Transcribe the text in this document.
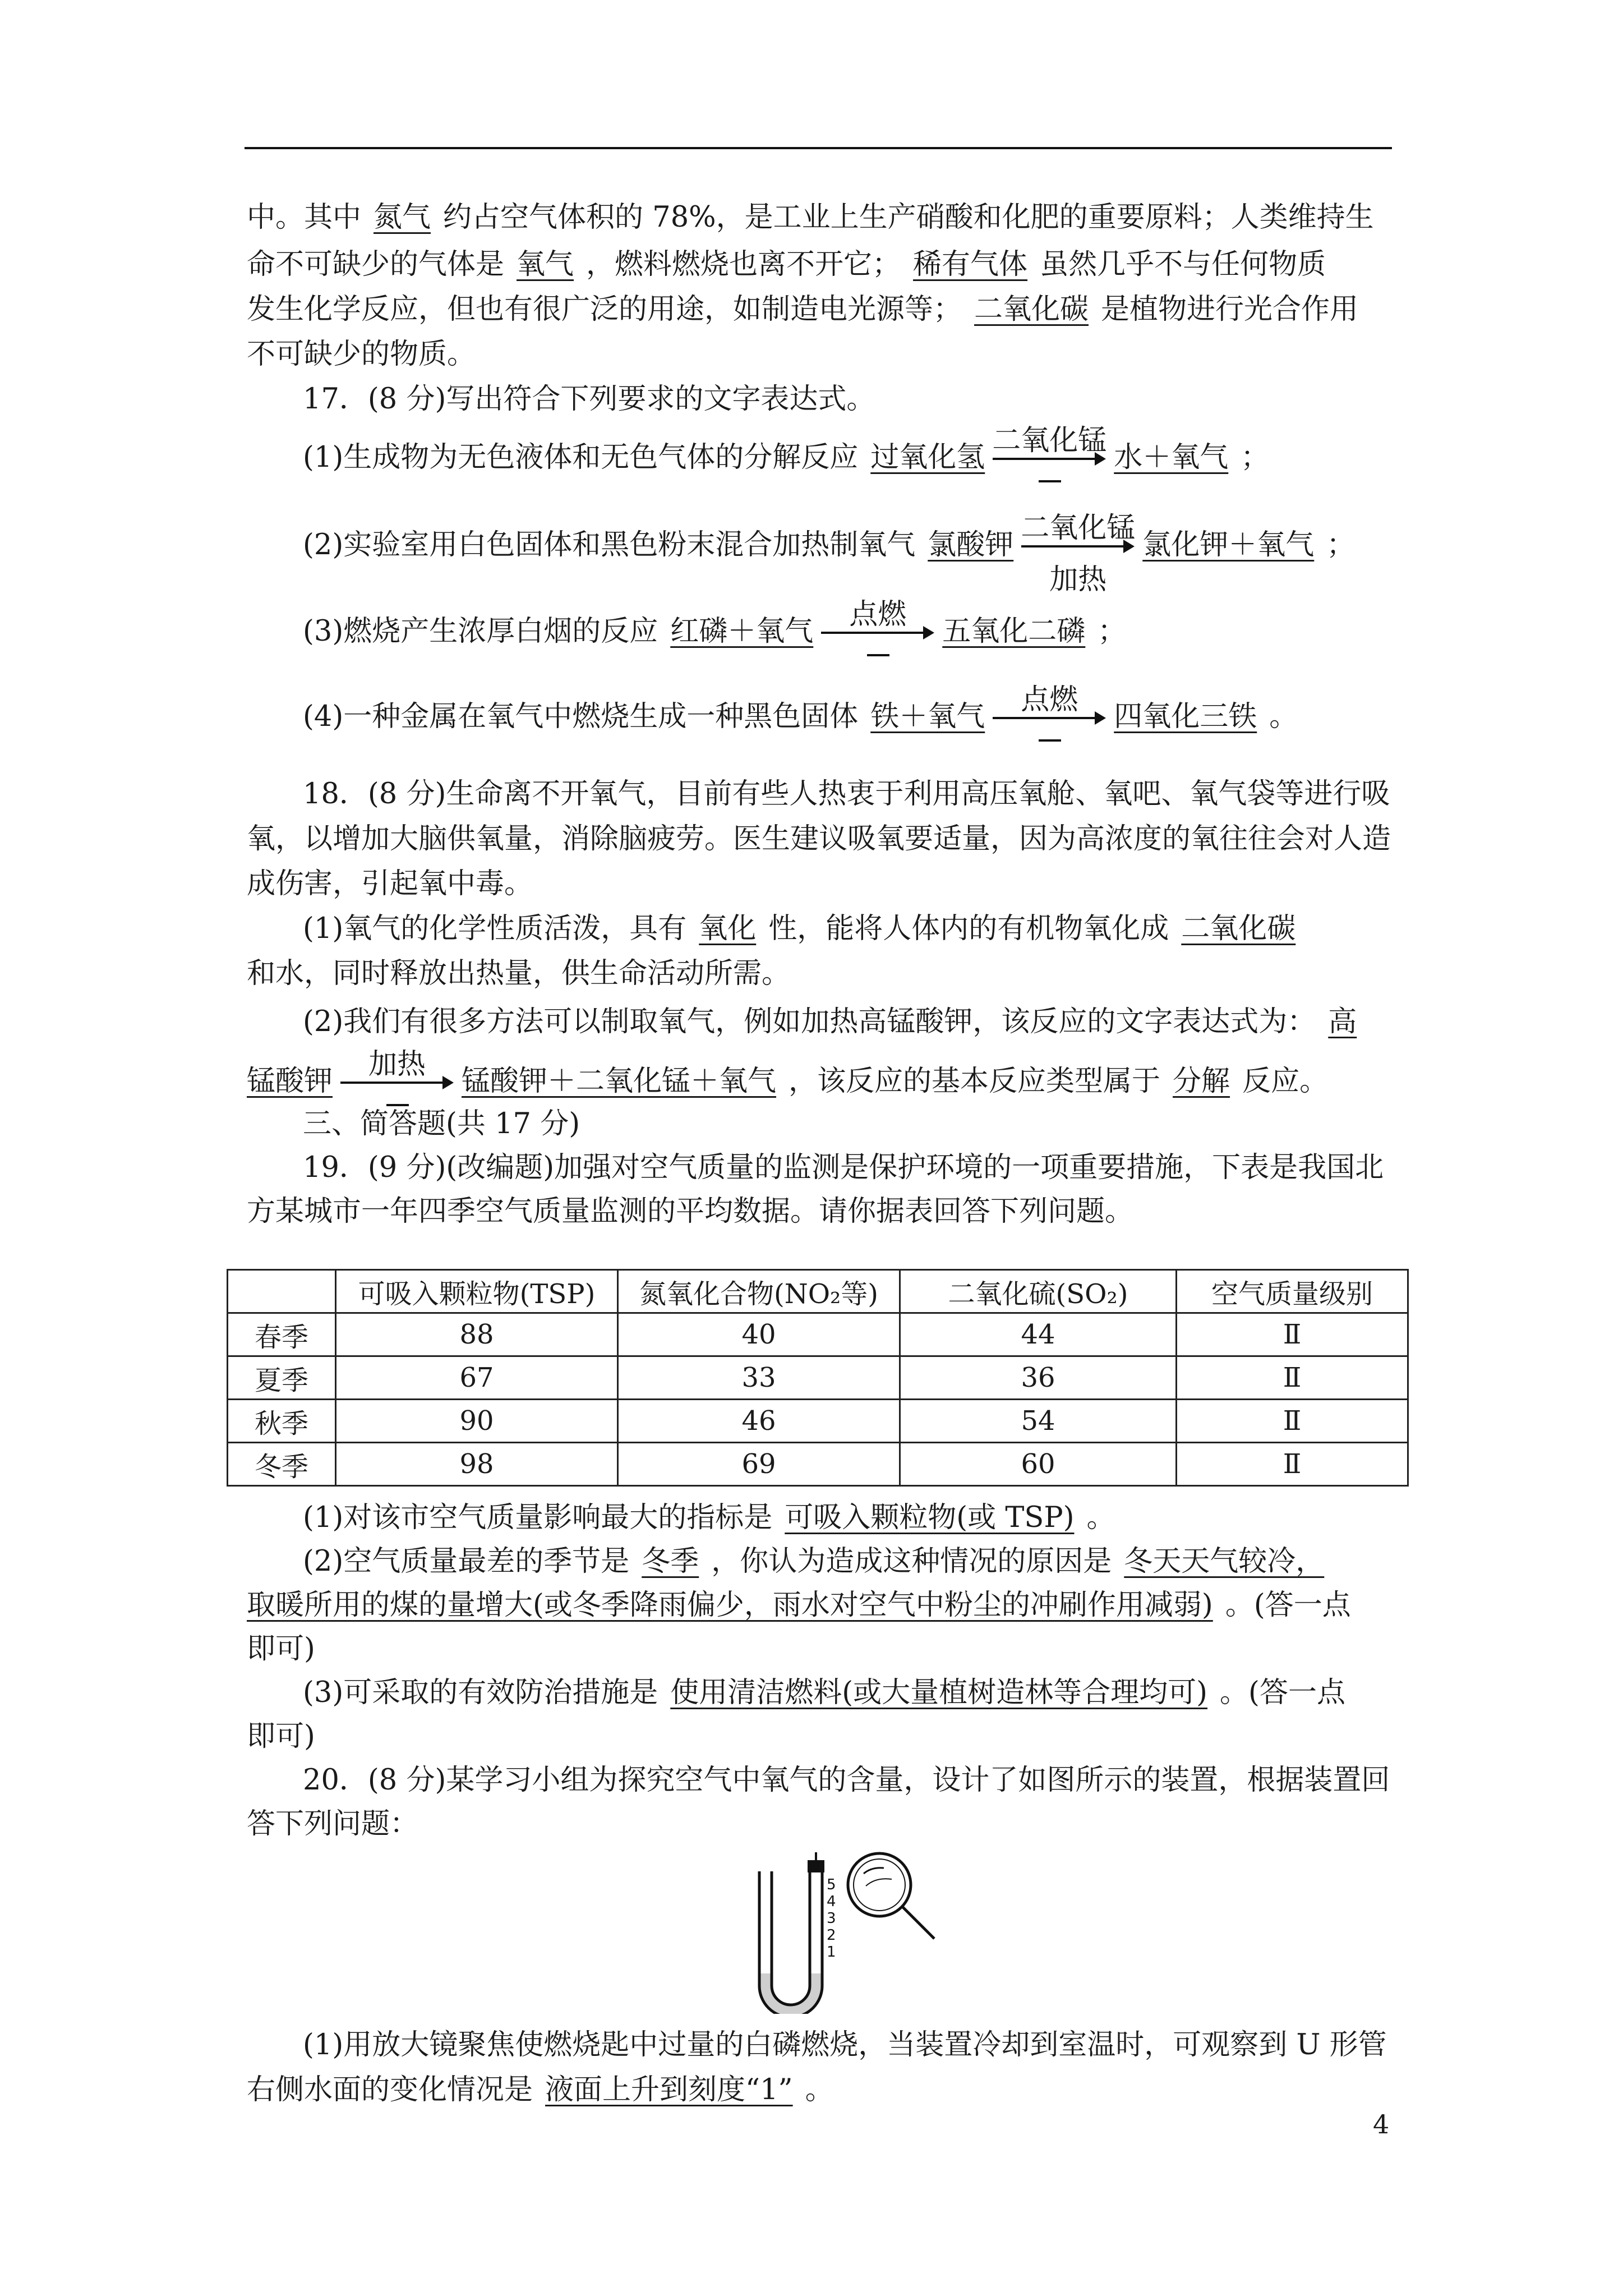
中。其中 氮气 约占空气体积的 78%，是工业上生产硝酸和化肥的重要原料；人类维持生
命不可缺少的气体是 氧气 ，燃料燃烧也离不开它； 稀有气体 虽然几乎不与任何物质
发生化学反应，但也有很广泛的用途，如制造电光源等； 二氧化碳 是植物进行光合作用
不可缺少的物质。
17．(8 分)写出符合下列要求的文字表达式。
(1)生成物为无色液体和无色气体的分解反应 过氧化氢
二氧化锰
水＋氧气 ；
(2)实验室用白色固体和黑色粉末混合加热制氧气 氯酸钾
二氧化锰
加热
氯化钾＋氧气 ；
(3)燃烧产生浓厚白烟的反应 红磷＋氧气
点燃
五氧化二磷 ；
(4)一种金属在氧气中燃烧生成一种黑色固体 铁＋氧气
点燃
四氧化三铁 。
18．(8 分)生命离不开氧气，目前有些人热衷于利用高压氧舱、氧吧、氧气袋等进行吸
氧，以增加大脑供氧量，消除脑疲劳。医生建议吸氧要适量，因为高浓度的氧往往会对人造
成伤害，引起氧中毒。
(1)氧气的化学性质活泼，具有 氧化 性，能将人体内的有机物氧化成 二氧化碳
和水，同时释放出热量，供生命活动所需。
(2)我们有很多方法可以制取氧气，例如加热高锰酸钾，该反应的文字表达式为： 高
锰酸钾
加热
锰酸钾＋二氧化锰＋氧气 ，该反应的基本反应类型属于 分解 反应。
三、简答题(共 17 分)
19．(9 分)(改编题)加强对空气质量的监测是保护环境的一项重要措施，下表是我国北
方某城市一年四季空气质量监测的平均数据。请你据表回答下列问题。
	可吸入颗粒物(TSP)	氮氧化合物(NO₂等)	二氧化硫(SO₂)	空气质量级别
春季	88	40	44	Ⅱ
夏季	67	33	36	Ⅱ
秋季	90	46	54	Ⅱ
冬季	98	69	60	Ⅱ
(1)对该市空气质量影响最大的指标是 可吸入颗粒物(或 TSP) 。
(2)空气质量最差的季节是 冬季 ，你认为造成这种情况的原因是 冬天天气较冷，
取暖所用的煤的量增大(或冬季降雨偏少，雨水对空气中粉尘的冲刷作用减弱) 。(答一点
即可)
(3)可采取的有效防治措施是 使用清洁燃料(或大量植树造林等合理均可) 。(答一点
即可)
20．(8 分)某学习小组为探究空气中氧气的含量，设计了如图所示的装置，根据装置回
答下列问题：
5
4
3
2
1
(1)用放大镜聚焦使燃烧匙中过量的白磷燃烧，当装置冷却到室温时，可观察到 U 形管
右侧水面的变化情况是 液面上升到刻度“1” 。
4
